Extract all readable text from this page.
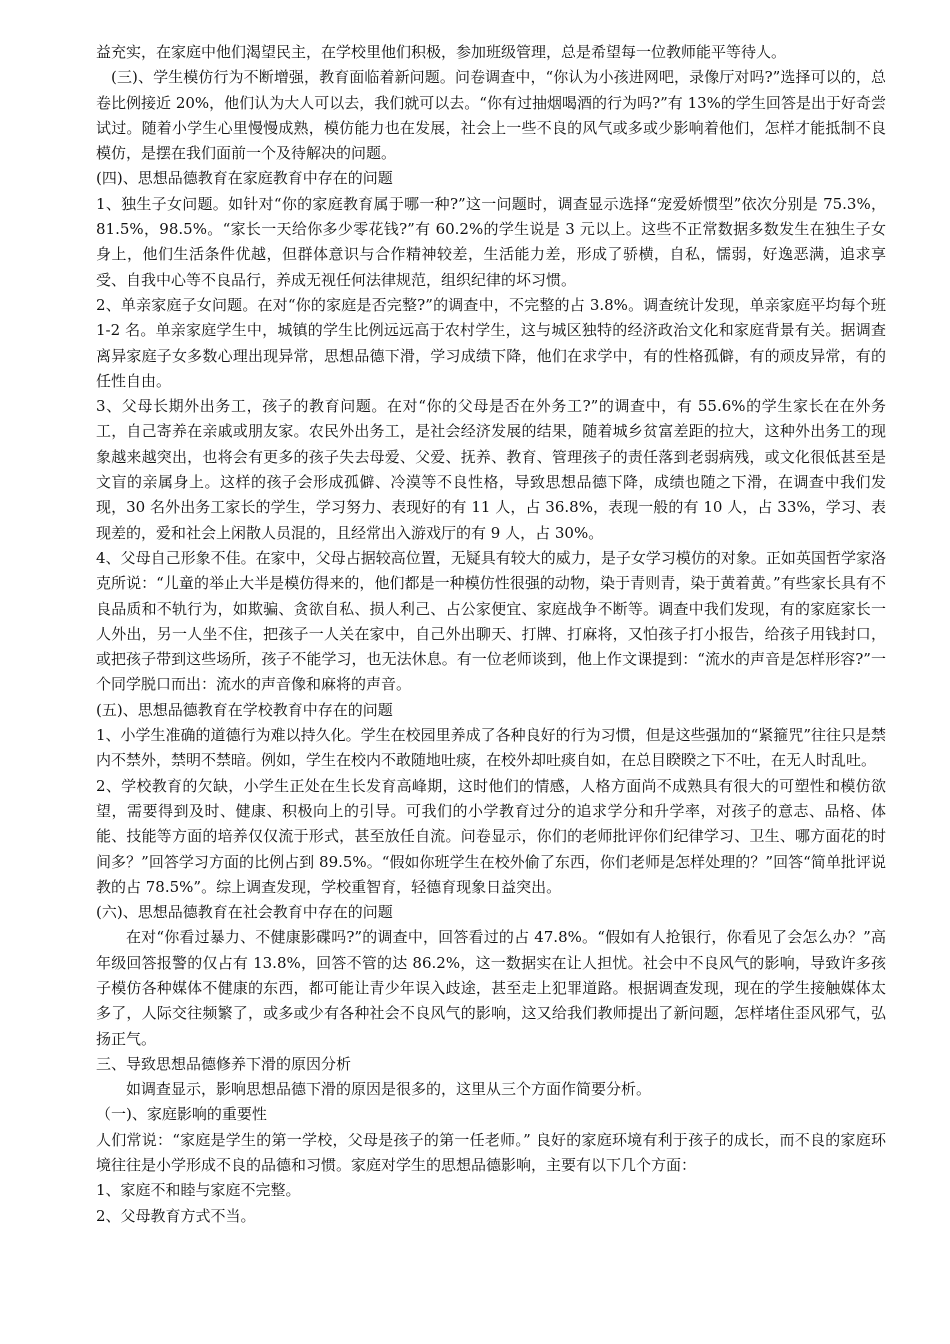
益充实，在家庭中他们渴望民主，在学校里他们积极，参加班级管理，总是希望每一位教师能平等待人。

(三)、学生模仿行为不断增强，教育面临着新问题。问卷调查中，“你认为小孩进网吧，录像厅对吗?”选择可以的，总卷比例接近 20%，他们认为大人可以去，我们就可以去。“你有过抽烟喝酒的行为吗?”有 13%的学生回答是出于好奇尝试过。随着小学生心里慢慢成熟，模仿能力也在发展，社会上一些不良的风气或多或少影响着他们，怎样才能抵制不良模仿，是摆在我们面前一个及待解决的问题。

(四)、思想品德教育在家庭教育中存在的问题

1、独生子女问题。如针对“你的家庭教育属于哪一种?”这一问题时，调查显示选择“宠爱娇惯型”依次分别是 75.3%，81.5%，98.5%。“家长一天给你多少零花钱?”有 60.2%的学生说是 3 元以上。这些不正常数据多数发生在独生子女身上，他们生活条件优越，但群体意识与合作精神较差，生活能力差，形成了骄横，自私，懦弱，好逸恶满，追求享受、自我中心等不良品行，养成无视任何法律规范，组织纪律的坏习惯。

2、单亲家庭子女问题。在对“你的家庭是否完整?”的调查中，不完整的占 3.8%。调查统计发现，单亲家庭平均每个班 1-2 名。单亲家庭学生中，城镇的学生比例远远高于农村学生，这与城区独特的经济政治文化和家庭背景有关。据调查离异家庭子女多数心理出现异常，思想品德下滑，学习成绩下降，他们在求学中，有的性格孤僻，有的顽皮异常，有的任性自由。

3、父母长期外出务工，孩子的教育问题。在对“你的父母是否在外务工?”的调查中，有 55.6%的学生家长在在外务工，自己寄养在亲戚或朋友家。农民外出务工，是社会经济发展的结果，随着城乡贫富差距的拉大，这种外出务工的现象越来越突出，也将会有更多的孩子失去母爱、父爱、抚养、教育、管理孩子的责任落到老弱病残，或文化很低甚至是文盲的亲属身上。这样的孩子会形成孤僻、冷漠等不良性格，导致思想品德下降，成绩也随之下滑，在调查中我们发现，30 名外出务工家长的学生，学习努力、表现好的有 11 人，占 36.8%，表现一般的有 10 人，占 33%，学习、表现差的，爱和社会上闲散人员混的，且经常出入游戏厅的有 9 人，占 30%。

4、父母自己形象不佳。在家中，父母占据较高位置，无疑具有较大的威力，是子女学习模仿的对象。正如英国哲学家洛克所说：“儿童的举止大半是模仿得来的，他们都是一种模仿性很强的动物，染于青则青，染于黄着黄。”有些家长具有不良品质和不轨行为，如欺骗、贪欲自私、损人利己、占公家便宜、家庭战争不断等。调查中我们发现，有的家庭家长一人外出，另一人坐不住，把孩子一人关在家中，自己外出聊天、打牌、打麻将，又怕孩子打小报告，给孩子用钱封口，或把孩子带到这些场所，孩子不能学习，也无法休息。有一位老师谈到，他上作文课提到：“流水的声音是怎样形容?”一个同学脱口而出：流水的声音像和麻将的声音。

(五)、思想品德教育在学校教育中存在的问题

1、小学生准确的道德行为难以持久化。学生在校园里养成了各种良好的行为习惯，但是这些强加的“紧箍咒”往往只是禁内不禁外，禁明不禁暗。例如，学生在校内不敢随地吐痰，在校外却吐痰自如，在总目睽睽之下不吐，在无人时乱吐。

2、学校教育的欠缺，小学生正处在生长发育高峰期，这时他们的情感，人格方面尚不成熟具有很大的可塑性和模仿欲望，需要得到及时、健康、积极向上的引导。可我们的小学教育过分的追求学分和升学率，对孩子的意志、品格、体能、技能等方面的培养仅仅流于形式，甚至放任自流。问卷显示，你们的老师批评你们纪律学习、卫生、哪方面花的时间多？”回答学习方面的比例占到 89.5%。“假如你班学生在校外偷了东西，你们老师是怎样处理的？”回答“简单批评说教的占 78.5%”。综上调查发现，学校重智育，轻德育现象日益突出。

(六)、思想品德教育在社会教育中存在的问题

在对“你看过暴力、不健康影碟吗?”的调查中，回答看过的占 47.8%。“假如有人抢银行，你看见了会怎么办？”高年级回答报警的仅占有 13.8%，回答不管的达 86.2%，这一数据实在让人担忧。社会中不良风气的影响，导致许多孩子模仿各种媒体不健康的东西，都可能让青少年误入歧途，甚至走上犯罪道路。根据调查发现，现在的学生接触媒体太多了，人际交往频繁了，或多或少有各种社会不良风气的影响，这又给我们教师提出了新问题，怎样堵住歪风邪气，弘扬正气。

三、导致思想品德修养下滑的原因分析

如调查显示，影响思想品德下滑的原因是很多的，这里从三个方面作简要分析。

（一)、家庭影响的重要性

人们常说：“家庭是学生的第一学校，父母是孩子的第一任老师。” 良好的家庭环境有利于孩子的成长，而不良的家庭环境往往是小学形成不良的品德和习惯。家庭对学生的思想品德影响，主要有以下几个方面：

1、家庭不和睦与家庭不完整。

2、父母教育方式不当。
